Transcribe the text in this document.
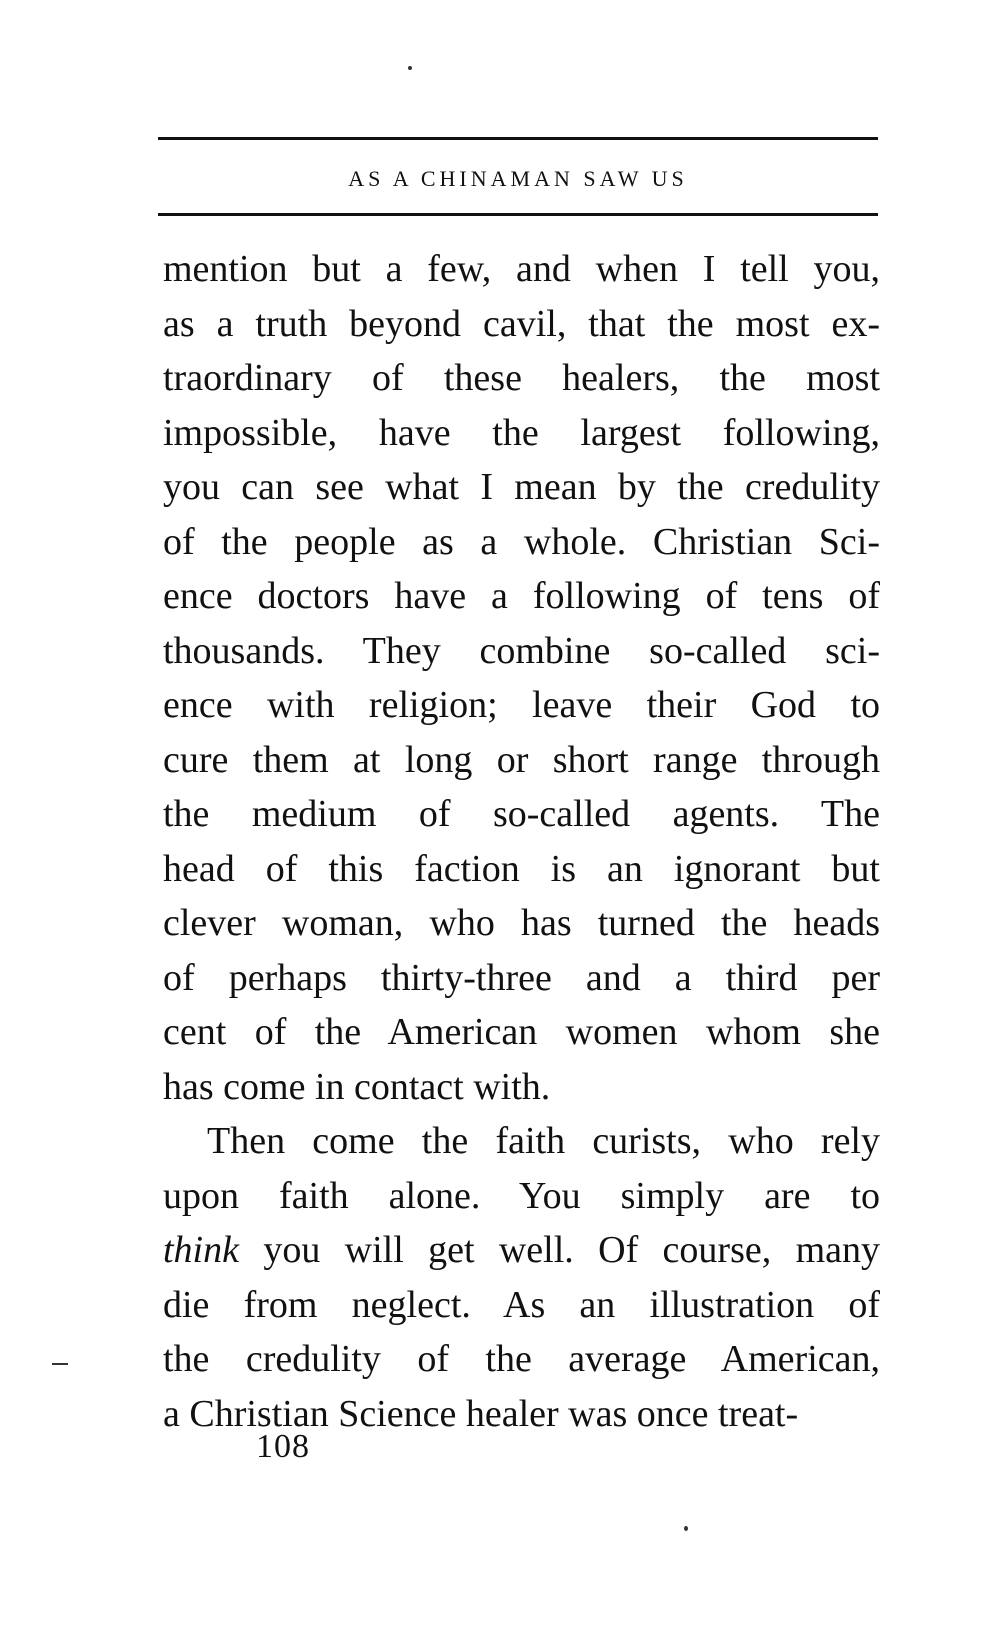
AS A CHINAMAN SAW US
mention but a few, and when I tell you,
as a truth beyond cavil, that the most ex-
traordinary of these healers, the most
impossible, have the largest following,
you can see what I mean by the credulity
of the people as a whole. Christian Sci-
ence doctors have a following of tens of
thousands. They combine so-called sci-
ence with religion; leave their God to
cure them at long or short range through
the medium of so-called agents. The
head of this faction is an ignorant but
clever woman, who has turned the heads
of perhaps thirty-three and a third per
cent of the American women whom she
has come in contact with.
Then come the faith curists, who rely
upon faith alone. You simply are to
think you will get well. Of course, many
die from neglect. As an illustration of
the credulity of the average American,
a Christian Science healer was once treat-
108
